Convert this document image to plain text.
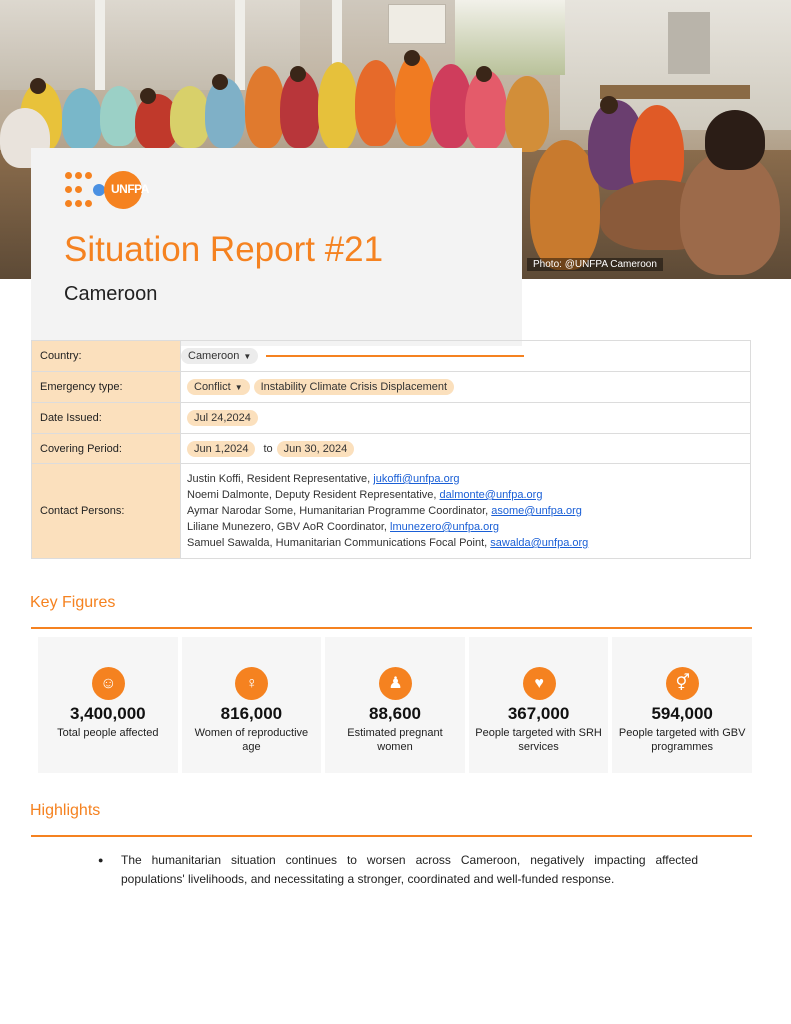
Photo: @UNFPA Cameroon
UNFPA
Situation Report #21
Cameroon
Country:	Cameroon ▼
Emergency type:	Conflict ▼ Instability Climate Crisis Displacement
Date Issued:	Jul 24,2024
Covering Period:	Jun 1,2024 to Jun 30, 2024
Contact Persons:	Justin Koffi, Resident Representative, jukoffi@unfpa.org
Noemi Dalmonte, Deputy Resident Representative, dalmonte@unfpa.org
Aymar Narodar Some, Humanitarian Programme Coordinator, asome@unfpa.org
Liliane Munezero, GBV AoR Coordinator, lmunezero@unfpa.org
Samuel Sawalda, Humanitarian Communications Focal Point, sawalda@unfpa.org
Key Figures
☺
3,400,000
Total people affected
♀
816,000
Women of reproductive age
♟
88,600
Estimated pregnant women
♥
367,000
People targeted with SRH services
⚥
594,000
People targeted with GBV programmes
Highlights
● The humanitarian situation continues to worsen across Cameroon, negatively impacting affected populations' livelihoods, and necessitating a stronger, coordinated and well-funded response.
